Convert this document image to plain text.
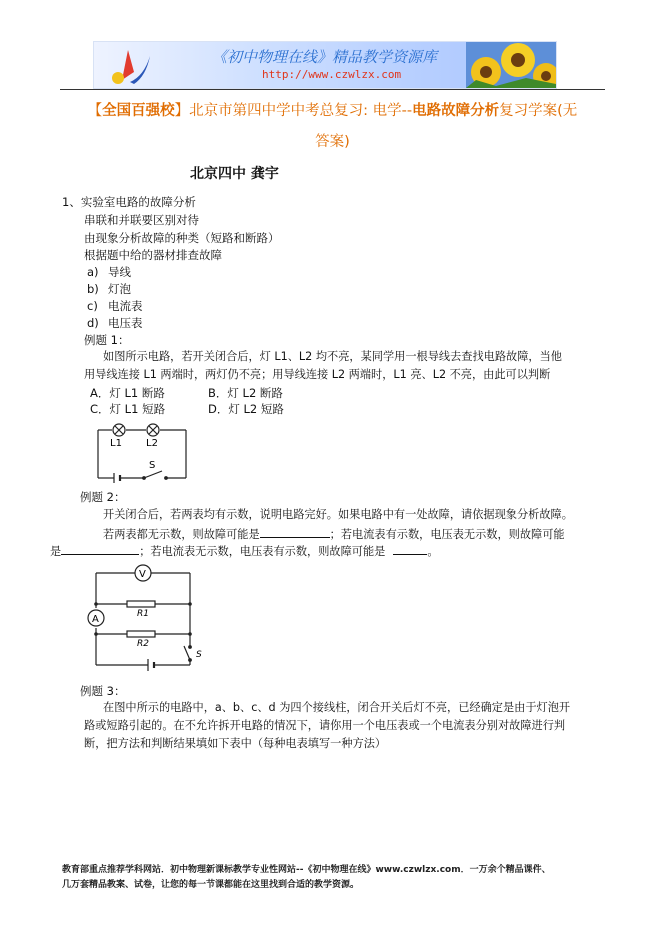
《初中物理在线》精品教学资源库
http://www.czwlzx.com
【全国百强校】北京市第四中学中考总复习: 电学--电路故障分析复习学案(无
答案)
北京四中 龚宇
1、实验室电路的故障分析
串联和并联要区别对待
由现象分析故障的种类（短路和断路）
根据题中给的器材排查故障
a) 导线
b) 灯泡
c) 电流表
d) 电压表
例题 1：
如图所示电路，若开关闭合后，灯 L1、L2 均不亮，某同学用一根导线去查找电路故障，当他
用导线连接 L1 两端时，两灯仍不亮；用导线连接 L2 两端时，L1 亮、L2 不亮，由此可以判断
A．灯 L1 断路	B．灯 L2 断路
C．灯 L1 短路	D．灯 L2 短路
L1 L2
S
例题 2：
开关闭合后，若两表均有示数，说明电路完好。如果电路中有一处故障，请依据现象分析故障。
若两表都无示数，则故障可能是	；若电流表有示数，电压表无示数，则故障可能
是	；若电流表无示数，电压表有示数，则故障可能是	。
V
A	R1
R2
S
例题 3：
在图中所示的电路中，a、b、c、d 为四个接线柱，闭合开关后灯不亮，已经确定是由于灯泡开
路或短路引起的。在不允许拆开电路的情况下，请你用一个电压表或一个电流表分别对故障进行判
断，把方法和判断结果填如下表中（每种电表填写一种方法）
教育部重点推荐学科网站．初中物理新课标教学专业性网站--《初中物理在线》www.czwlzx.com．一万余个精品课件、
几万套精品教案、试卷，让您的每一节课都能在这里找到合适的教学资源。
